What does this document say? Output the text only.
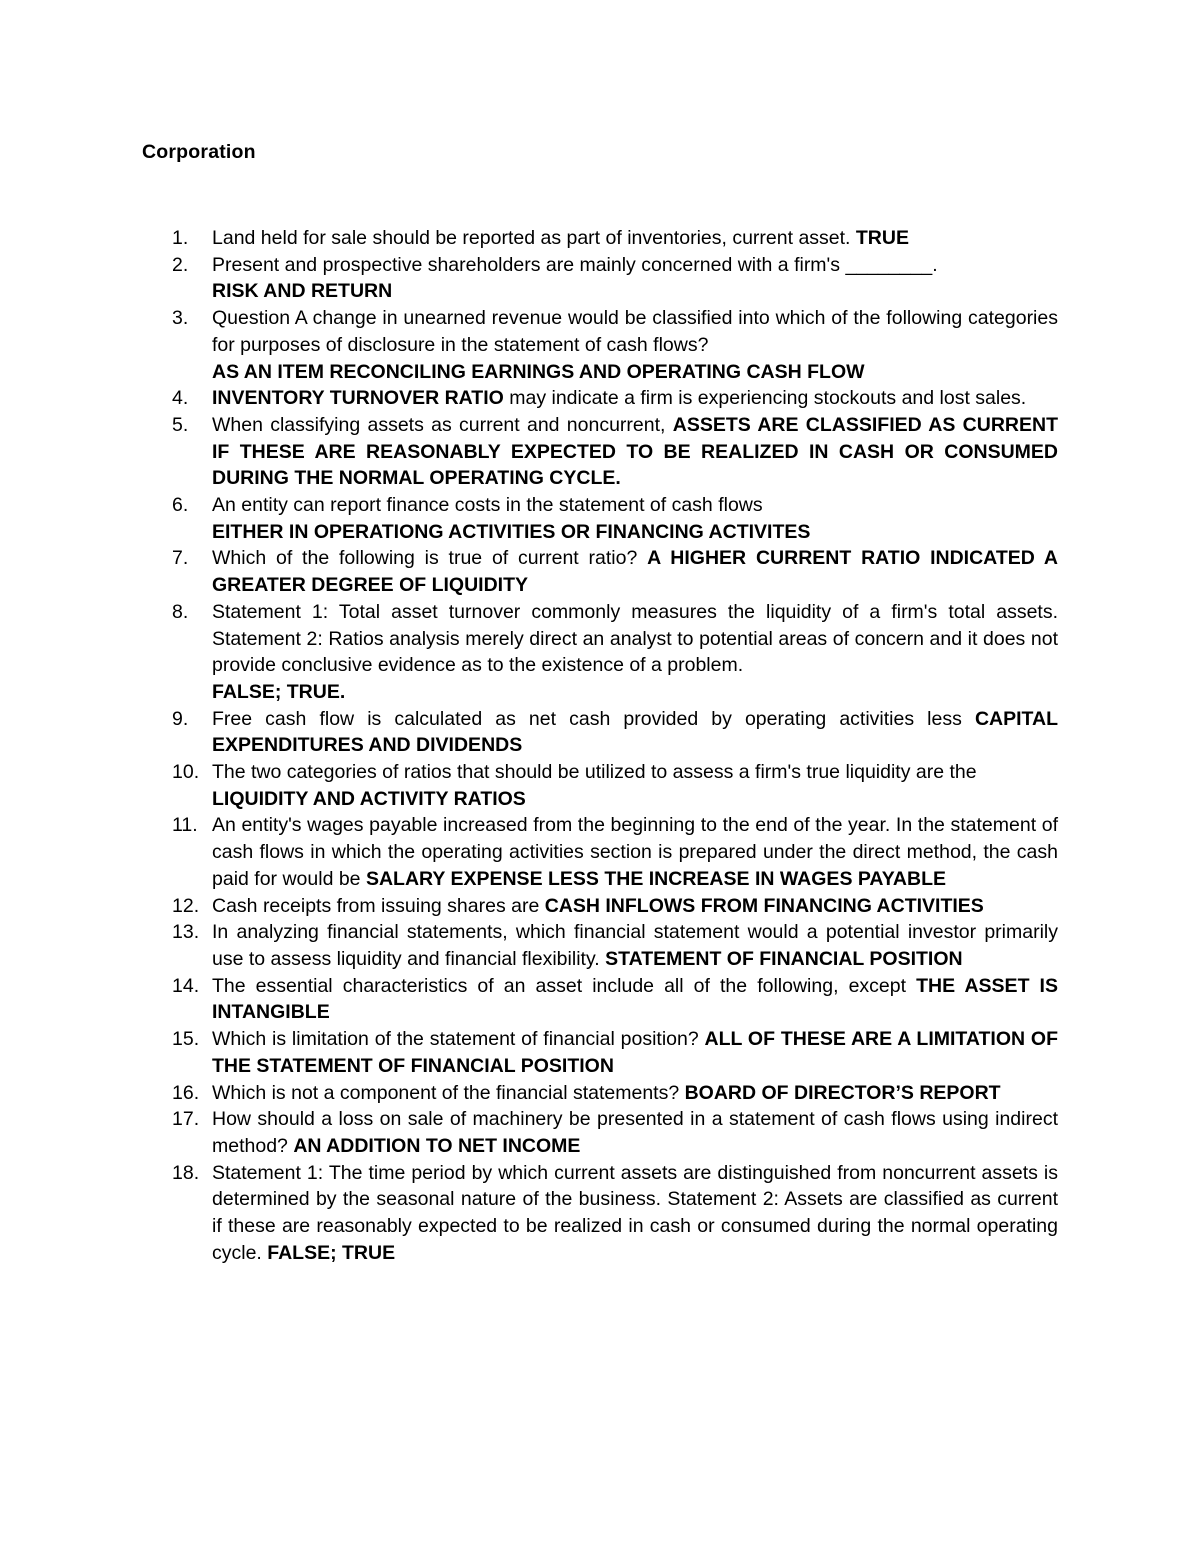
Corporation
1.	Land held for sale should be reported as part of inventories, current asset. TRUE
2.	Present and prospective shareholders are mainly concerned with a firm's ________.
RISK AND RETURN
3.	Question A change in unearned revenue would be classified into which of the following categories for purposes of disclosure in the statement of cash flows?
AS AN ITEM RECONCILING EARNINGS AND OPERATING CASH FLOW
4.	INVENTORY TURNOVER RATIO may indicate a firm is experiencing stockouts and lost sales.
5.	When classifying assets as current and noncurrent, ASSETS ARE CLASSIFIED AS CURRENT IF THESE ARE REASONABLY EXPECTED TO BE REALIZED IN CASH OR CONSUMED DURING THE NORMAL OPERATING CYCLE.
6.	An entity can report finance costs in the statement of cash flows
EITHER IN OPERATIONG ACTIVITIES OR FINANCING ACTIVITES
7.	Which of the following is true of current ratio? A HIGHER CURRENT RATIO INDICATED A GREATER DEGREE OF LIQUIDITY
8.	Statement 1: Total asset turnover commonly measures the liquidity of a firm's total assets. Statement 2: Ratios analysis merely direct an analyst to potential areas of concern and it does not provide conclusive evidence as to the existence of a problem.
FALSE; TRUE.
9.	Free cash flow is calculated as net cash provided by operating activities less CAPITAL EXPENDITURES AND DIVIDENDS
10. The two categories of ratios that should be utilized to assess a firm's true liquidity are the
LIQUIDITY AND ACTIVITY RATIOS
11. An entity's wages payable increased from the beginning to the end of the year. In the statement of cash flows in which the operating activities section is prepared under the direct method, the cash paid for would be SALARY EXPENSE LESS THE INCREASE IN WAGES PAYABLE
12. Cash receipts from issuing shares are CASH INFLOWS FROM FINANCING ACTIVITIES
13. In analyzing financial statements, which financial statement would a potential investor primarily use to assess liquidity and financial flexibility. STATEMENT OF FINANCIAL POSITION
14. The essential characteristics of an asset include all of the following, except THE ASSET IS INTANGIBLE
15. Which is limitation of the statement of financial position? ALL OF THESE ARE A LIMITATION OF THE STATEMENT OF FINANCIAL POSITION
16. Which is not a component of the financial statements? BOARD OF DIRECTOR’S REPORT
17. How should a loss on sale of machinery be presented in a statement of cash flows using indirect method? AN ADDITION TO NET INCOME
18. Statement 1: The time period by which current assets are distinguished from noncurrent assets is determined by the seasonal nature of the business. Statement 2: Assets are classified as current if these are reasonably expected to be realized in cash or consumed during the normal operating cycle. FALSE; TRUE
